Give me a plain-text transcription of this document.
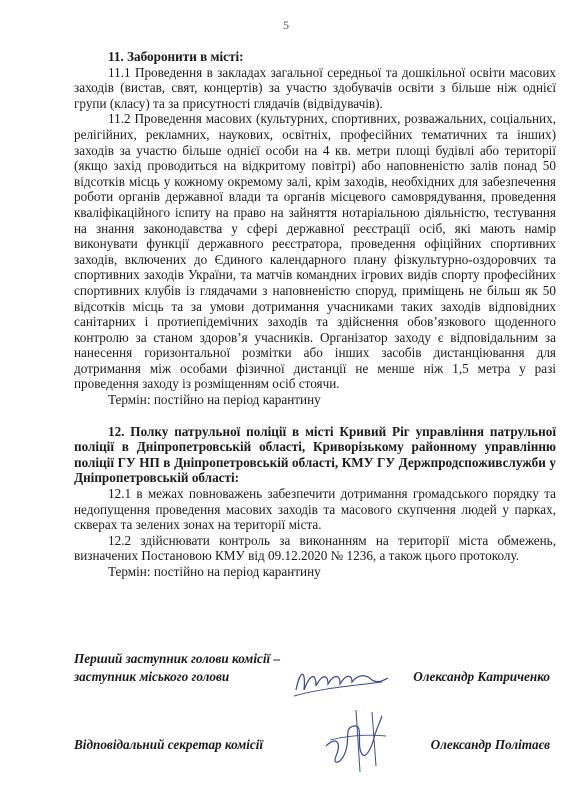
5

11. Заборонити в місті:

11.1 Проведення в закладах загальної середньої та дошкільної освіти масових заходів (вистав, свят, концертів) за участю здобувачів освіти з більше ніж однієї групи (класу) та за присутності глядачів (відвідувачів).

11.2 Проведення масових (культурних, спортивних, розважальних, соціальних, релігійних, рекламних, наукових, освітніх, професійних тематичних та інших) заходів за участю більше однієї особи на 4 кв. метри площі будівлі або території (якщо захід проводиться на відкритому повітрі) або наповненістю залів понад 50 відсотків місць у кожному окремому залі, крім заходів, необхідних для забезпечення роботи органів державної влади та органів місцевого самоврядування, проведення кваліфікаційного іспиту на право на зайняття нотаріальною діяльністю, тестування на знання законодавства у сфері державної реєстрації осіб, які мають намір виконувати функції державного реєстратора, проведення офіційних спортивних заходів, включених до Єдиного календарного плану фізкультурно-оздоровчих та спортивних заходів України, та матчів командних ігрових видів спорту професійних спортивних клубів із глядачами з наповненістю споруд, приміщень не більш як 50 відсотків місць та за умови дотримання учасниками таких заходів відповідних санітарних і протиепідемічних заходів та здійснення обов’язкового щоденного контролю за станом здоров’я учасників. Організатор заходу є відповідальним за нанесення горизонтальної розмітки або інших засобів дистанціювання для дотримання між особами фізичної дистанції не менше ніж 1,5 метра у разі проведення заходу із розміщенням осіб стоячи.

Термін: постійно на період карантину

12. Полку патрульної поліції в місті Кривий Ріг управління патрульної поліції в Дніпропетровській області, Криворізькому районному управлінню поліції ГУ НП в Дніпропетровській області, КМУ ГУ Держпродспоживслужби у Дніпропетровській області:

12.1 в межах повноважень забезпечити дотримання громадського порядку та недопущення проведення масових заходів та масового скупчення людей у парках, скверах та зелених зонах на території міста.

12.2 здійснювати контроль за виконанням на території міста обмежень, визначених Постановою КМУ від 09.12.2020 № 1236, а також цього протоколу.

Термін: постійно на період карантину

Перший заступник голови комісії –
заступник міського голови	Олександр Катриченко
Відповідальний секретар комісії	Олександр Політаєв
